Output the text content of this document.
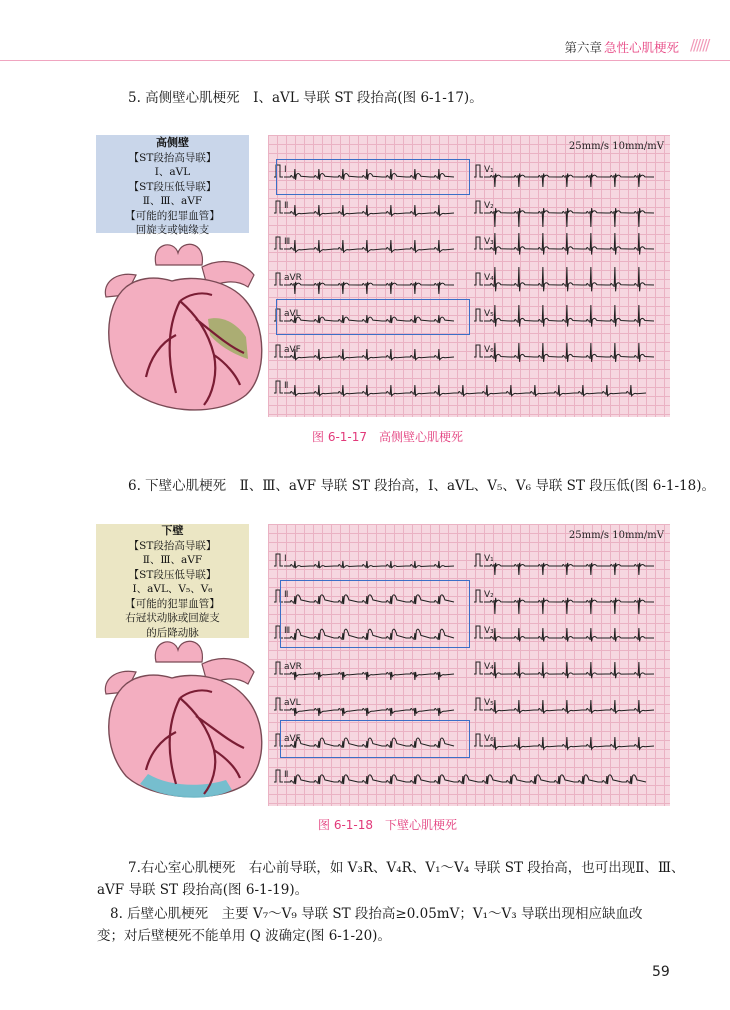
第六章 急性心肌梗死 //////
5. 高侧壁心肌梗死　 Ⅰ、aVL 导联 ST 段抬高(图 6-1-17)。
高侧壁
【ST段抬高导联】
Ⅰ、aVL
【ST段压低导联】
Ⅱ、Ⅲ、aVF
【可能的犯罪血管】
回旋支或钝缘支
25mm/s 10mm/mV
Ⅰ
Ⅱ
Ⅲ
aVR
aVL
aVF
Ⅱ
V₁
V₂
V₃
V₄
V₅
V₆
图 6-1-17　高侧壁心肌梗死
6. 下壁心肌梗死　 Ⅱ、Ⅲ、aVF 导联 ST 段抬高，Ⅰ、aVL、V₅、V₆ 导联 ST 段压低(图 6-1-18)。
下壁
【ST段抬高导联】
Ⅱ、Ⅲ、aVF
【ST段压低导联】
Ⅰ、aVL、V₅、V₆
【可能的犯罪血管】
右冠状动脉或回旋支
的后降动脉
25mm/s 10mm/mV
Ⅰ
Ⅱ
Ⅲ
aVR
aVL
aVF
Ⅱ
V₁
V₂
V₃
V₄
V₅
V₆
图 6-1-18　下壁心肌梗死
7.右心室心肌梗死　右心前导联，如 V₃R、V₄R、V₁～V₄ 导联 ST 段抬高，也可出现Ⅱ、Ⅲ、
aVF 导联 ST 段抬高(图 6-1-19)。
8. 后壁心肌梗死　主要 V₇～V₉ 导联 ST 段抬高≥0.05mV；V₁～V₃ 导联出现相应缺血改
变；对后壁梗死不能单用 Q 波确定(图 6-1-20)。
59
